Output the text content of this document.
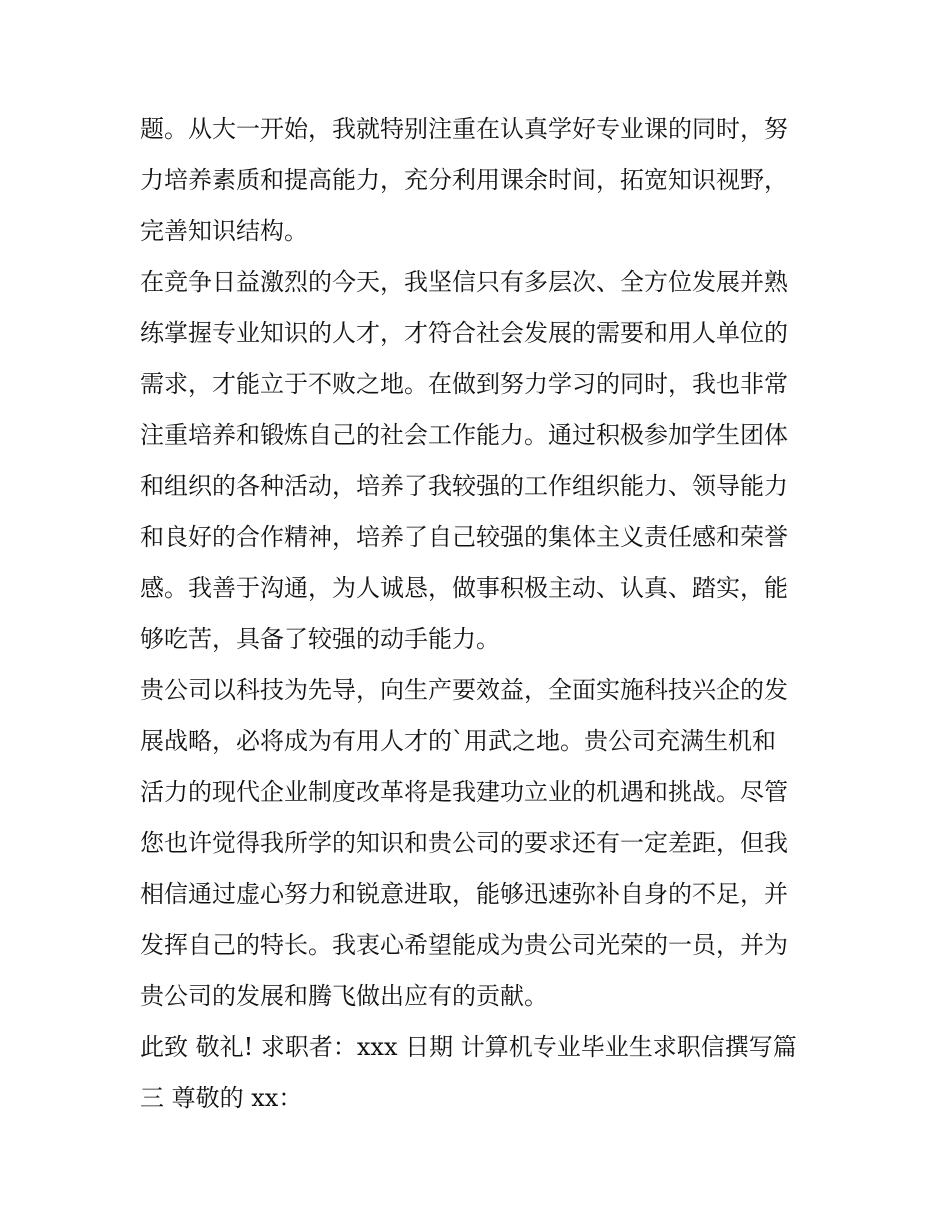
题。从大一开始，我就特别注重在认真学好专业课的同时，努
力培养素质和提高能力，充分利用课余时间，拓宽知识视野，
完善知识结构。
在竞争日益激烈的今天，我坚信只有多层次、全方位发展并熟
练掌握专业知识的人才，才符合社会发展的需要和用人单位的
需求，才能立于不败之地。在做到努力学习的同时，我也非常
注重培养和锻炼自己的社会工作能力。通过积极参加学生团体
和组织的各种活动，培养了我较强的工作组织能力、领导能力
和良好的合作精神，培养了自己较强的集体主义责任感和荣誉
感。我善于沟通，为人诚恳，做事积极主动、认真、踏实，能
够吃苦，具备了较强的动手能力。
贵公司以科技为先导，向生产要效益，全面实施科技兴企的发
展战略，必将成为有用人才的`用武之地。贵公司充满生机和
活力的现代企业制度改革将是我建功立业的机遇和挑战。尽管
您也许觉得我所学的知识和贵公司的要求还有一定差距，但我
相信通过虚心努力和锐意进取，能够迅速弥补自身的不足，并
发挥自己的特长。我衷心希望能成为贵公司光荣的一员，并为
贵公司的发展和腾飞做出应有的贡献。
此致 敬礼! 求职者：xxx 日期 计算机专业毕业生求职信撰写篇
三 尊敬的 xx：
